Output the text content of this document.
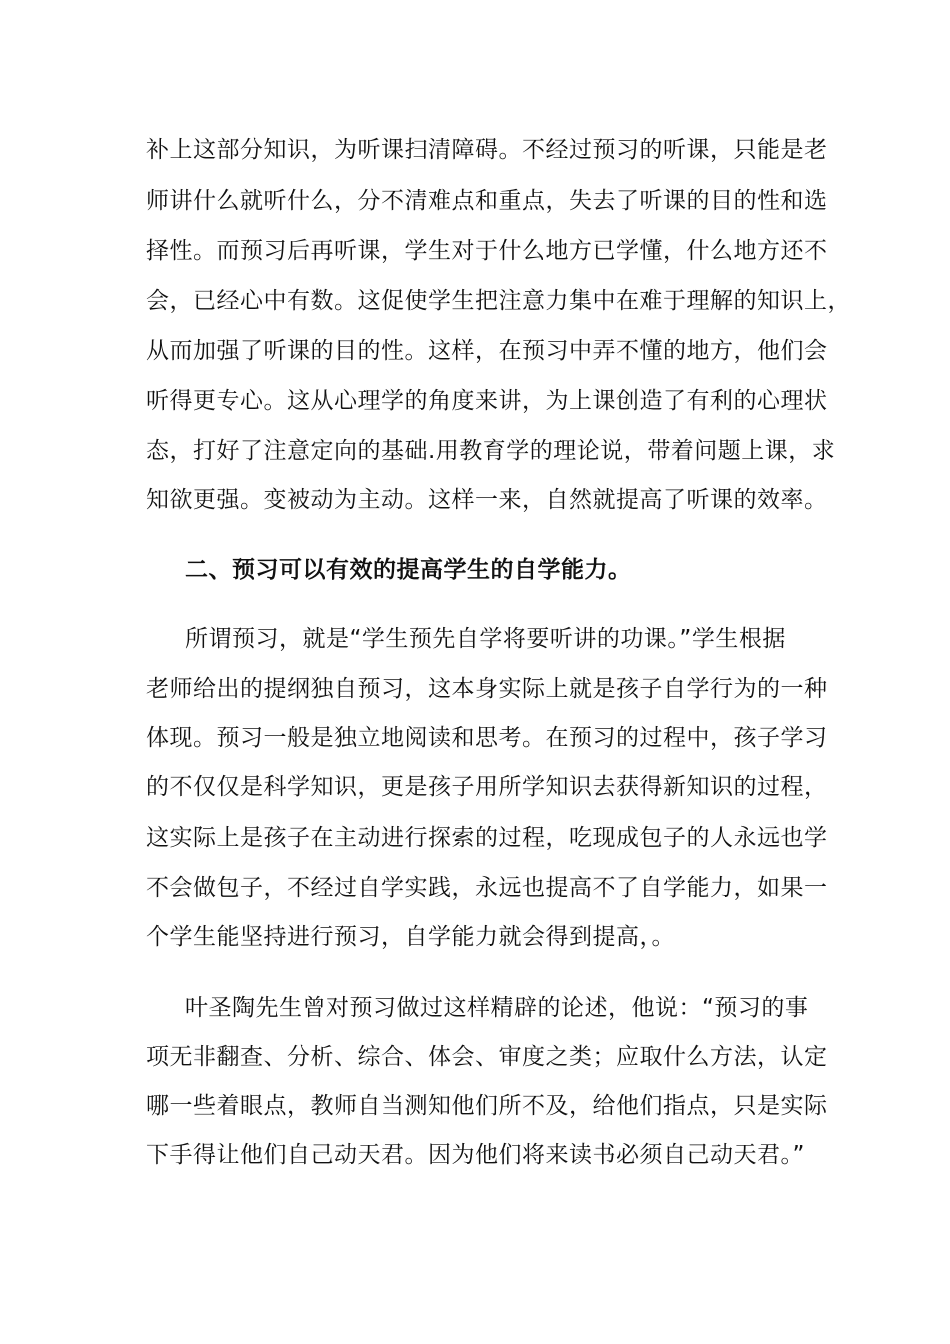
补上这部分知识，为听课扫清障碍。不经过预习的听课，只能是老
师讲什么就听什么，分不清难点和重点，失去了听课的目的性和选
择性。而预习后再听课，学生对于什么地方已学懂，什么地方还不
会，已经心中有数。这促使学生把注意力集中在难于理解的知识上，
从而加强了听课的目的性。这样，在预习中弄不懂的地方，他们会
听得更专心。这从心理学的角度来讲，为上课创造了有利的心理状
态，打好了注意定向的基础.用教育学的理论说，带着问题上课，求
知欲更强。变被动为主动。这样一来，自然就提高了听课的效率。
二、预习可以有效的提高学生的自学能力。
所谓预习，就是“学生预先自学将要听讲的功课。”学生根据
老师给出的提纲独自预习，这本身实际上就是孩子自学行为的一种
体现。预习一般是独立地阅读和思考。在预习的过程中，孩子学习
的不仅仅是科学知识，更是孩子用所学知识去获得新知识的过程，
这实际上是孩子在主动进行探索的过程，吃现成包子的人永远也学
不会做包子，不经过自学实践，永远也提高不了自学能力，如果一
个学生能坚持进行预习，自学能力就会得到提高，。
叶圣陶先生曾对预习做过这样精辟的论述，他说：“预习的事
项无非翻查、分析、综合、体会、审度之类；应取什么方法，认定
哪一些着眼点，教师自当测知他们所不及，给他们指点，只是实际
下手得让他们自己动天君。因为他们将来读书必须自己动天君。”
